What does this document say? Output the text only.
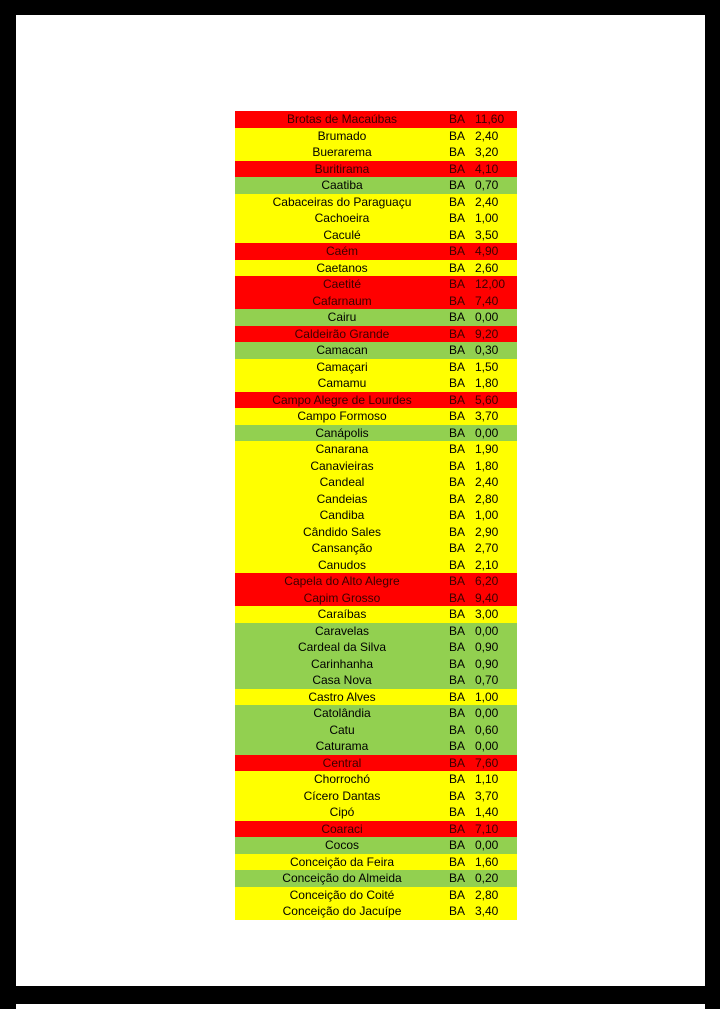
Brotas de Macaúbas	BA 11,60
Brumado	BA 2,40
Buerarema	BA 3,20
Buritirama	BA 4,10
Caatiba	BA 0,70
Cabaceiras do Paraguaçu	BA 2,40
Cachoeira	BA 1,00
Caculé	BA 3,50
Caém	BA 4,90
Caetanos	BA 2,60
Caetité	BA 12,00
Cafarnaum	BA 7,40
Cairu	BA 0,00
Caldeirão Grande	BA 9,20
Camacan	BA 0,30
Camaçari	BA 1,50
Camamu	BA 1,80
Campo Alegre de Lourdes	BA 5,60
Campo Formoso	BA 3,70
Canápolis	BA 0,00
Canarana	BA 1,90
Canavieiras	BA 1,80
Candeal	BA 2,40
Candeias	BA 2,80
Candiba	BA 1,00
Cândido Sales	BA 2,90
Cansanção	BA 2,70
Canudos	BA 2,10
Capela do Alto Alegre	BA 6,20
Capim Grosso	BA 9,40
Caraíbas	BA 3,00
Caravelas	BA 0,00
Cardeal da Silva	BA 0,90
Carinhanha	BA 0,90
Casa Nova	BA 0,70
Castro Alves	BA 1,00
Catolândia	BA 0,00
Catu	BA 0,60
Caturama	BA 0,00
Central	BA 7,60
Chorrochó	BA 1,10
Cícero Dantas	BA 3,70
Cipó	BA 1,40
Coaraci	BA 7,10
Cocos	BA 0,00
Conceição da Feira	BA 1,60
Conceição do Almeida	BA 0,20
Conceição do Coité	BA 2,80
Conceição do Jacuípe	BA 3,40
